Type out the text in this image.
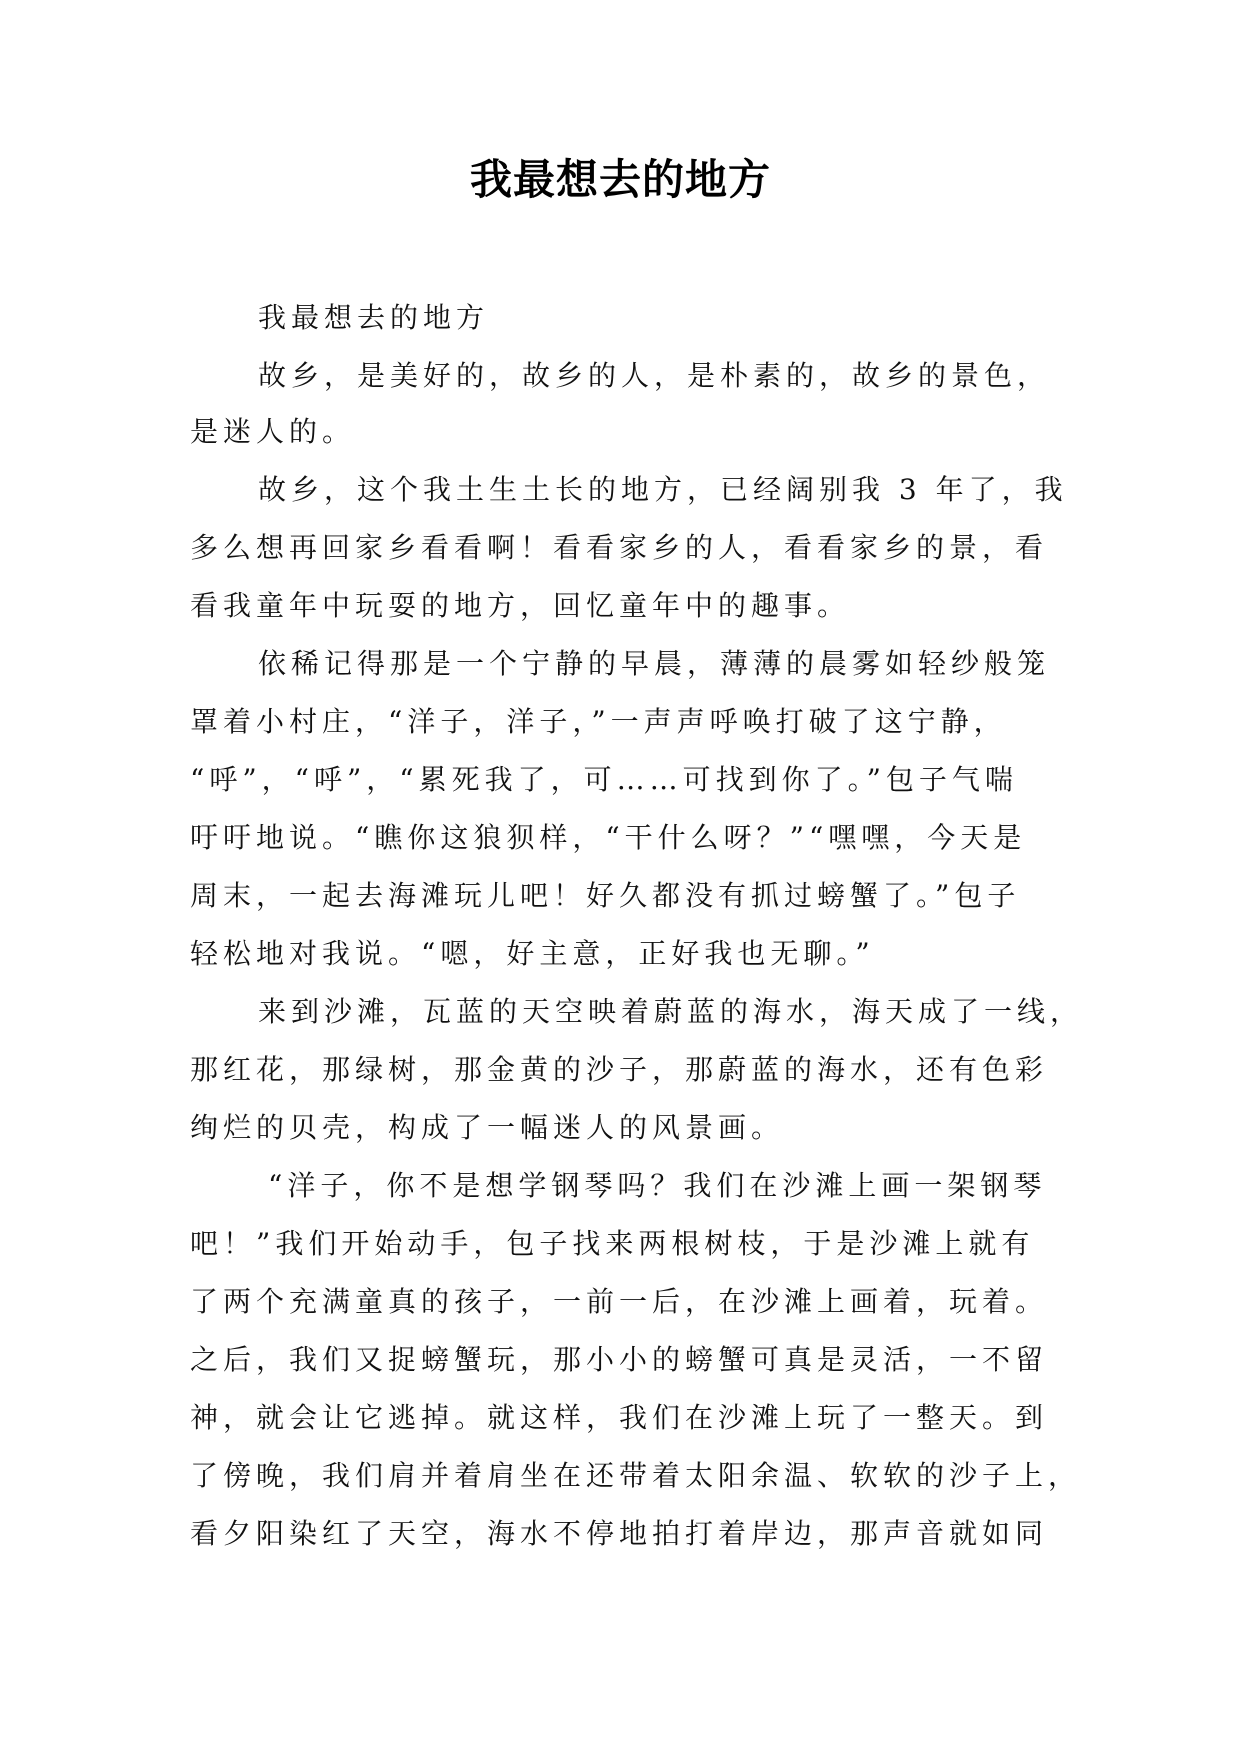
我最想去的地方
我最想去的地方
故乡，是美好的，故乡的人，是朴素的，故乡的景色，
是迷人的。
故乡，这个我土生土长的地方，已经阔别我 3 年了，我
多么想再回家乡看看啊！看看家乡的人，看看家乡的景，看
看我童年中玩耍的地方，回忆童年中的趣事。
依稀记得那是一个宁静的早晨，薄薄的晨雾如轻纱般笼
罩着小村庄，“洋子，洋子，”一声声呼唤打破了这宁静，
“呼”，“呼”，“累死我了，可……可找到你了。”包子气喘
吁吁地说。“瞧你这狼狈样，“干什么呀？”“嘿嘿，今天是
周末，一起去海滩玩儿吧！好久都没有抓过螃蟹了。”包子
轻松地对我说。“嗯，好主意，正好我也无聊。”
来到沙滩，瓦蓝的天空映着蔚蓝的海水，海天成了一线，
那红花，那绿树，那金黄的沙子，那蔚蓝的海水，还有色彩
绚烂的贝壳，构成了一幅迷人的风景画。
“洋子，你不是想学钢琴吗？我们在沙滩上画一架钢琴
吧！”我们开始动手，包子找来两根树枝，于是沙滩上就有
了两个充满童真的孩子，一前一后，在沙滩上画着，玩着。
之后，我们又捉螃蟹玩，那小小的螃蟹可真是灵活，一不留
神，就会让它逃掉。就这样，我们在沙滩上玩了一整天。到
了傍晚，我们肩并着肩坐在还带着太阳余温、软软的沙子上，
看夕阳染红了天空，海水不停地拍打着岸边，那声音就如同
